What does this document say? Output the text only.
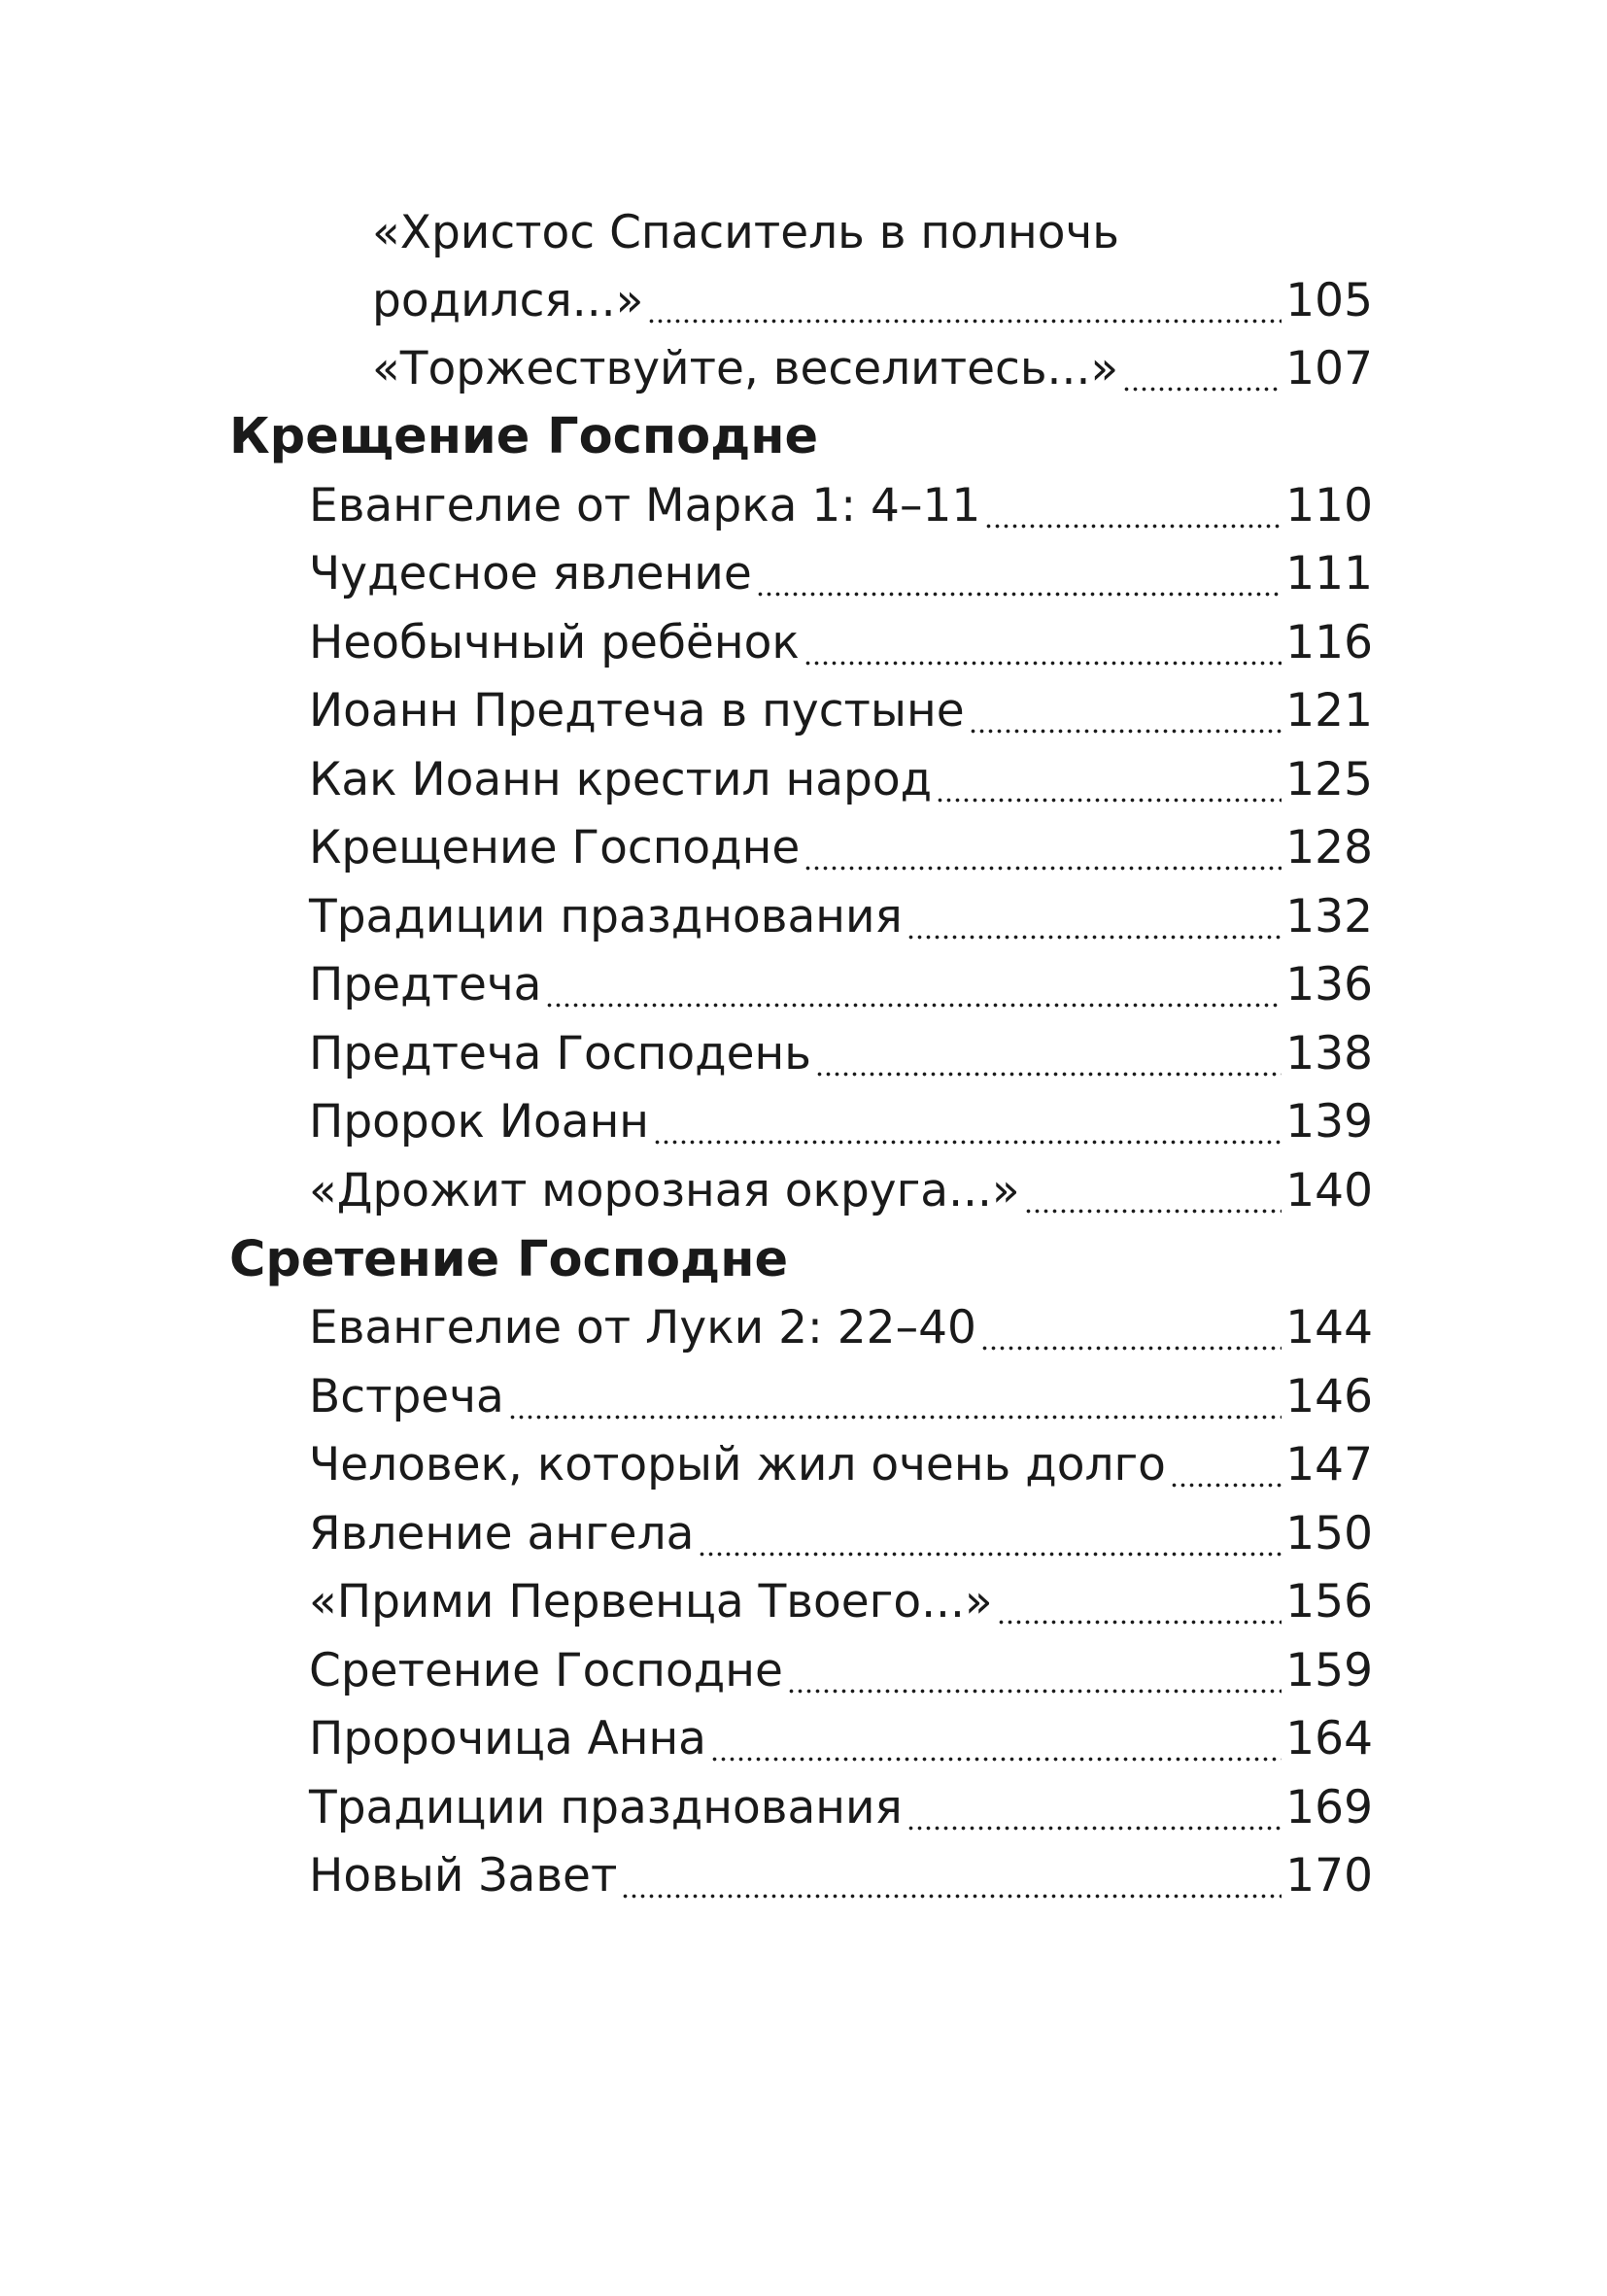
«Христос Спаситель в полночь
родился...»	105
«Торжествуйте, веселитесь...»	107
Крещение Господне
Евангелие от Марка 1: 4–11	110
Чудесное явление	111
Необычный ребёнок	116
Иоанн Предтеча в пустыне	121
Как Иоанн крестил народ	125
Крещение Господне	128
Традиции празднования	132
Предтеча	136
Предтеча Господень	138
Пророк Иоанн	139
«Дрожит морозная округа...»	140
Сретение Господне
Евангелие от Луки 2: 22–40	144
Встреча	146
Человек, который жил очень долго	147
Явление ангела	150
«Прими Первенца Твоего...»	156
Сретение Господне	159
Пророчица Анна	164
Традиции празднования	169
Новый Завет	170
